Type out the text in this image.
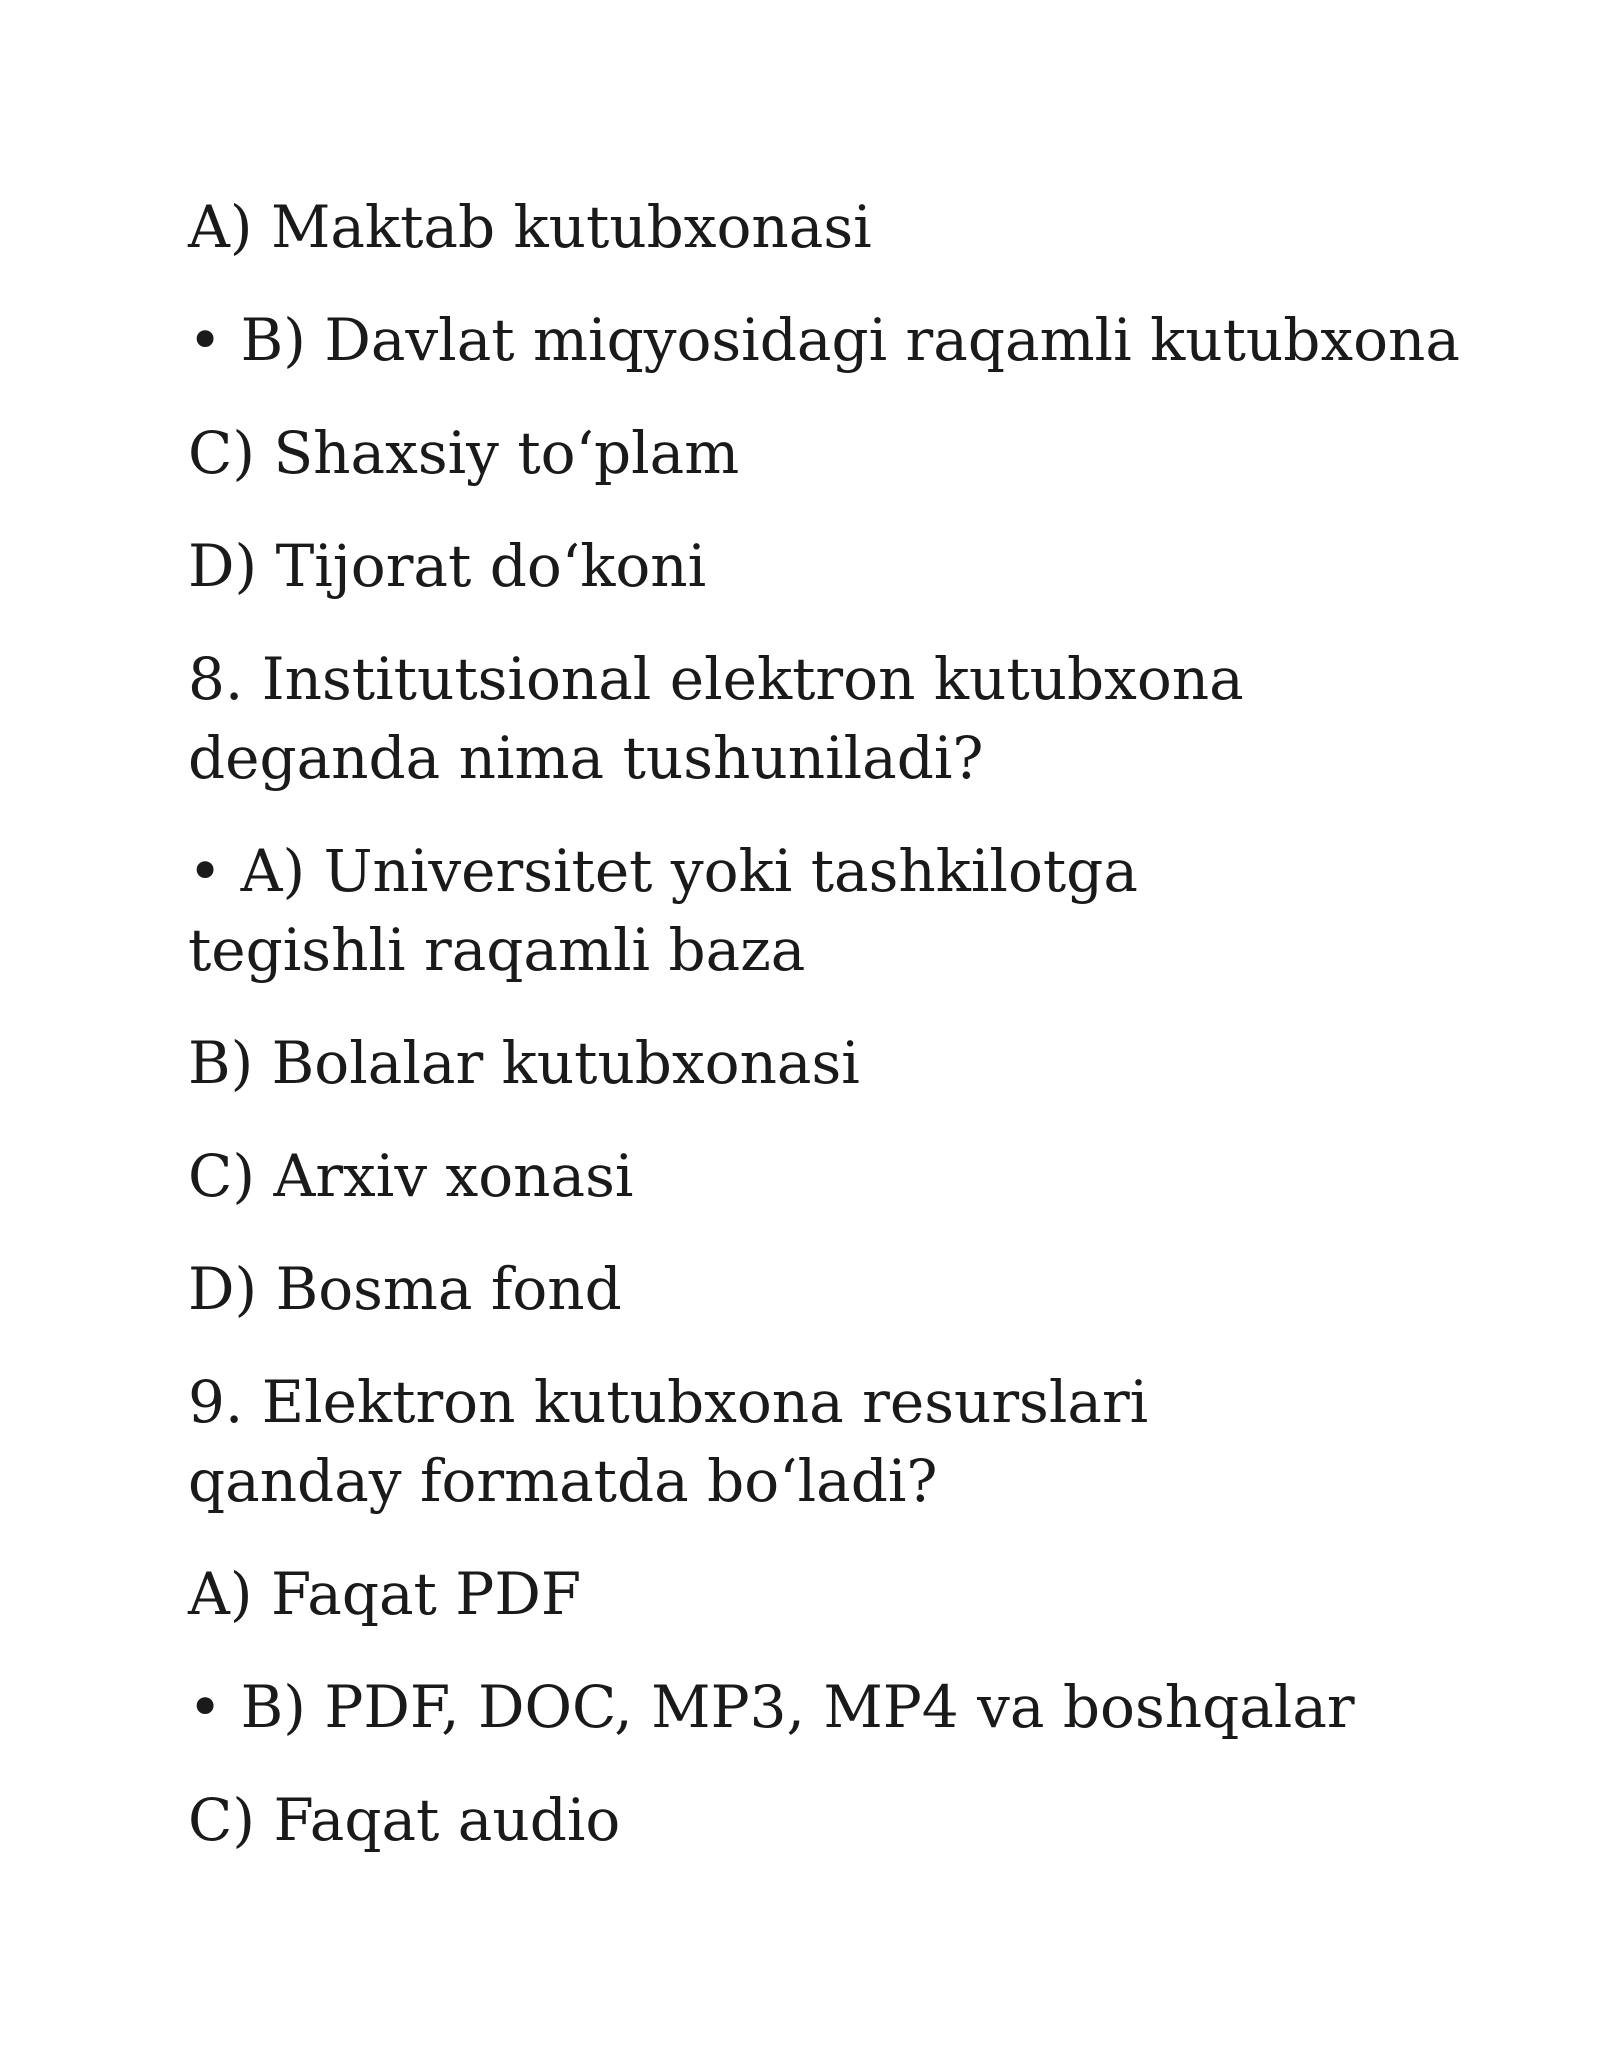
A) Maktab kutubxonasi

• B) Davlat miqyosidagi raqamli kutubxona

C) Shaxsiy to‘plam

D) Tijorat do‘koni

8. Institutsional elektron kutubxona deganda nima tushuniladi?

• A) Universitet yoki tashkilotga tegishli raqamli baza

B) Bolalar kutubxonasi

C) Arxiv xonasi

D) Bosma fond

9. Elektron kutubxona resurslari qanday formatda bo‘ladi?

A) Faqat PDF

• B) PDF, DOC, MP3, MP4 va boshqalar

C) Faqat audio
